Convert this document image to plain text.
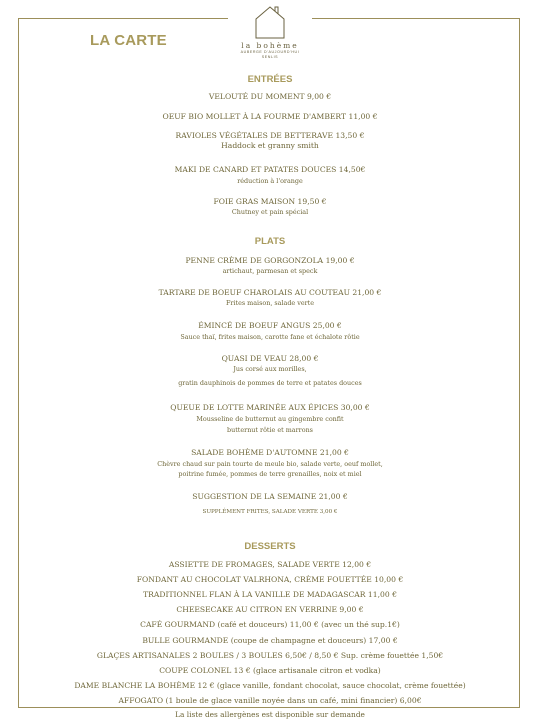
LA CARTE	la bohème
AUBERGE D'AUJOURD'HUI
SENLIS
ENTRÉES
VELOUTÉ DU MOMENT 9,00 €
OEUF BIO MOLLET À LA FOURME D'AMBERT 11,00 €
RAVIOLES VÉGÉTALES DE BETTERAVE 13,50 €
Haddock et granny smith
MAKI DE CANARD ET PATATES DOUCES 14,50€
réduction à l'orange
FOIE GRAS MAISON 19,50 €
Chutney et pain spécial
PLATS
PENNE CRÈME DE GORGONZOLA 19,00 €
artichaut, parmesan et speck
TARTARE DE BOEUF CHAROLAIS AU COUTEAU 21,00 €
Frites maison, salade verte
ÉMINCÉ DE BOEUF ANGUS 25,00 €
Sauce thaï, frites maison, carotte fane et échalote rôtie
QUASI DE VEAU 28,00 €
Jus corsé aux morilles,
gratin dauphinois de pommes de terre et patates douces
QUEUE DE LOTTE MARINÉE AUX ÉPICES 30,00 €
Mousseline de butternut au gingembre confit
butternut rôtie et marrons
SALADE BOHÈME D'AUTOMNE 21,00 €
Chèvre chaud sur pain tourte de meule bio, salade verte, oeuf mollet,
poitrine fumée, pommes de terre grenailles, noix et miel
SUGGESTION DE LA SEMAINE 21,00 €
SUPPLÉMENT FRITES, SALADE VERTE 3,00 €
DESSERTS
ASSIETTE DE FROMAGES, SALADE VERTE 12,00 €
FONDANT AU CHOCOLAT VALRHONA, CRÈME FOUETTÉE 10,00 €
TRADITIONNEL FLAN À LA VANILLE DE MADAGASCAR 11,00 €
CHEESECAKE AU CITRON EN VERRINE 9,00 €
CAFÉ GOURMAND (café et douceurs) 11,00 € (avec un thé sup.1€)
BULLE GOURMANDE (coupe de champagne et douceurs) 17,00 €
GLAÇES ARTISANALES 2 BOULES / 3 BOULES 6,50€ / 8,50 € Sup. crème fouettée 1,50€
COUPE COLONEL 13 € (glace artisanale citron et vodka)
DAME BLANCHE LA BOHÈME 12 € (glace vanille, fondant chocolat, sauce chocolat, crème fouettée)
AFFOGATO (1 boule de glace vanille noyée dans un café, mini financier) 6,00€
La liste des allergènes est disponible sur demande
